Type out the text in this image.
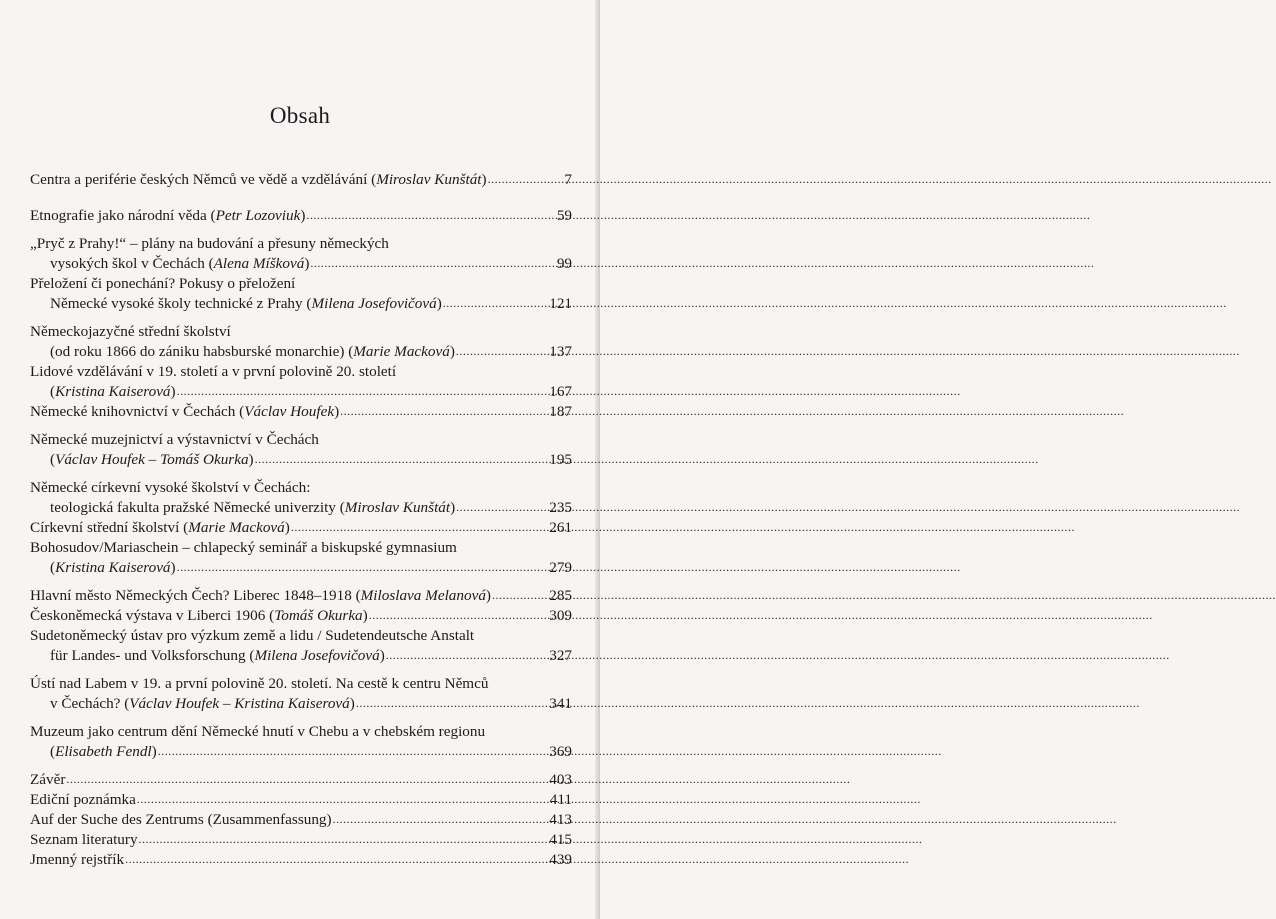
Obsah
Centra a periférie českých Němců ve vědě a vzdělávání (Miroslav Kunštát) .....	7
Etnografie jako národní věda (Petr Lozoviuk) .....	59
„Pryč z Prahy!“ – plány na budování a přesuny německých
vysokých škol v Čechách (Alena Míšková) .....	99
Přeložení či ponechání? Pokusy o přeložení
Německé vysoké školy technické z Prahy (Milena Josefovičová) .....	121
Německojazyčné střední školství
(od roku 1866 do zániku habsburské monarchie) (Marie Macková) .....	137
Lidové vzdělávání v 19. století a v první polovině 20. století
(Kristina Kaiserová) .....	167
Německé knihovnictví v Čechách (Václav Houfek) .....	187
Německé muzejnictví a výstavnictví v Čechách
(Václav Houfek – Tomáš Okurka) .....	195
Německé církevní vysoké školství v Čechách:
teologická fakulta pražské Německé univerzity (Miroslav Kunštát) .....	235
Církevní střední školství (Marie Macková) .....	261
Bohosudov/Mariaschein – chlapecký seminář a biskupské gymnasium
(Kristina Kaiserová) .....	279
Hlavní město Německých Čech? Liberec 1848–1918 (Miloslava Melanová) .....	285
Českoněmecká výstava v Liberci 1906 (Tomáš Okurka) .....	309
Sudetoněmecký ústav pro výzkum země a lidu / Sudetendeutsche Anstalt
für Landes- und Volksforschung (Milena Josefovičová) .....	327
Ústí nad Labem v 19. a první polovině 20. století. Na cestě k centru Němců
v Čechách? (Václav Houfek – Kristina Kaiserová) .....	341
Muzeum jako centrum dění Německé hnutí v Chebu a v chebském regionu
(Elisabeth Fendl) .....	369
Závěr .....	403
Ediční poznámka .....	411
Auf der Suche des Zentrums (Zusammenfassung) .....	413
Seznam literatury .....	415
Jmenný rejstřík .....	439
